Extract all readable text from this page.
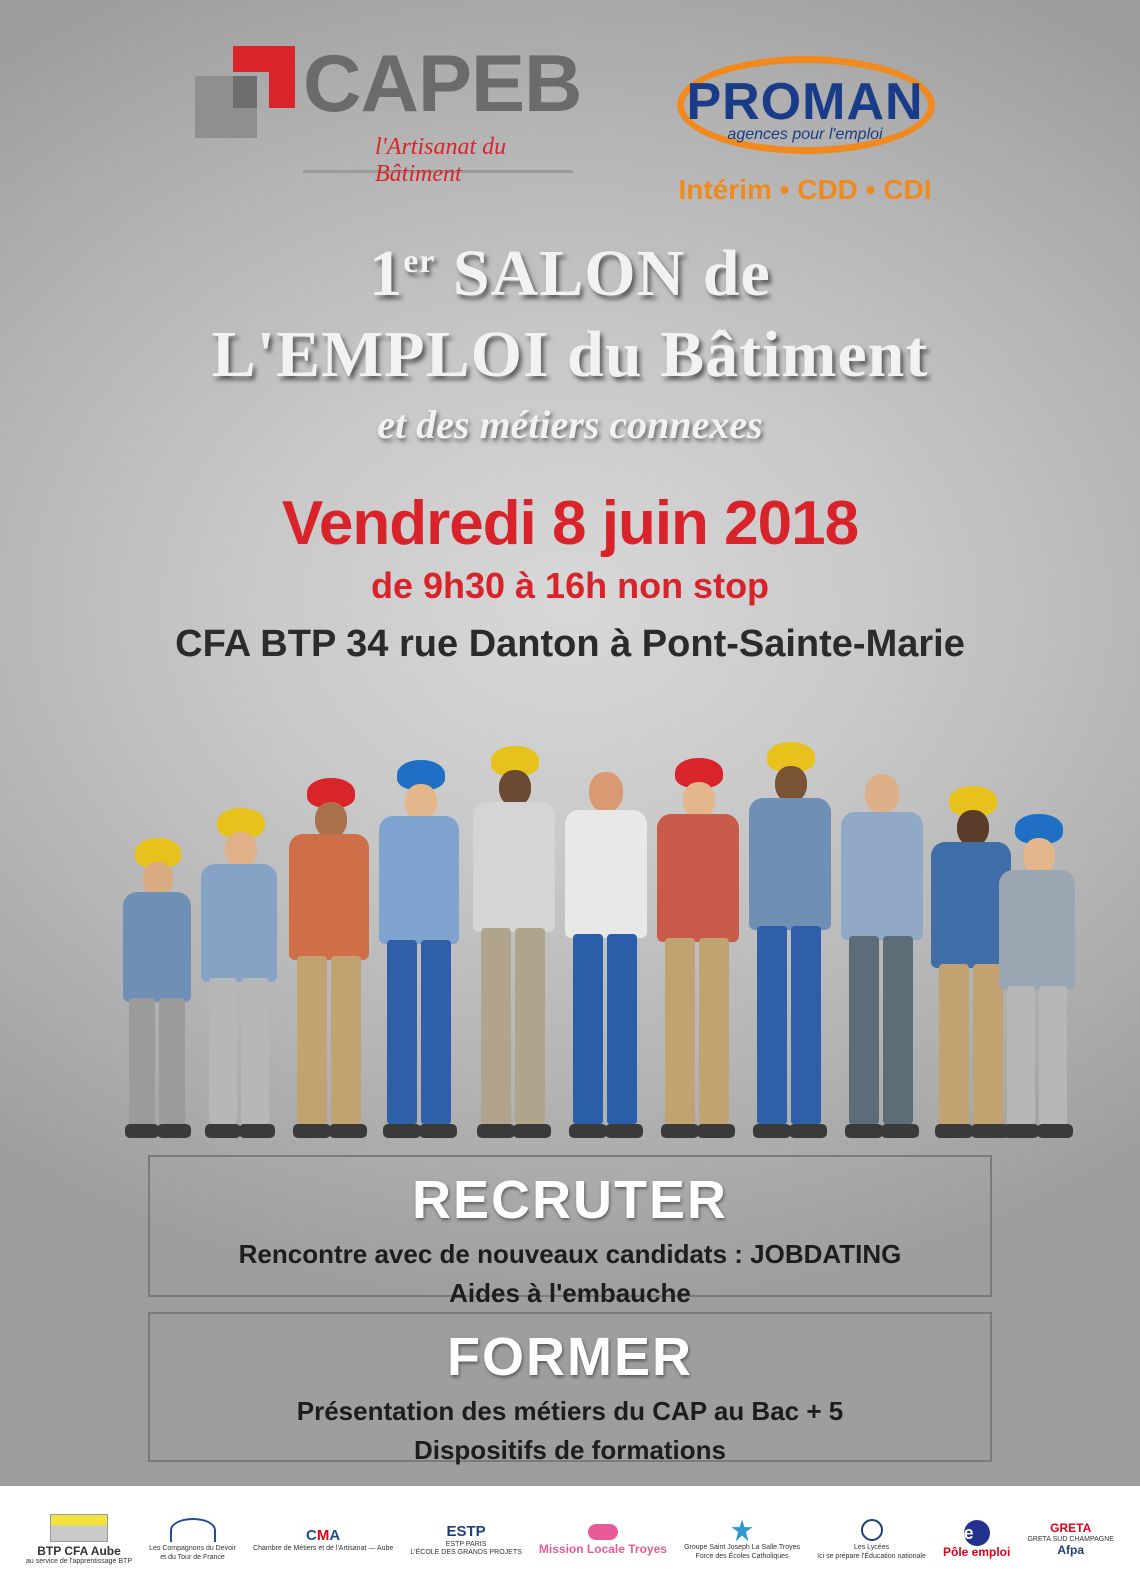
CAPEB
l'Artisanat du Bâtiment
PROMAN
agences pour l'emploi
Intérim • CDD • CDI
1er SALON de
L'EMPLOI du Bâtiment
et des métiers connexes
Vendredi 8 juin 2018
de 9h30 à 16h non stop
CFA BTP 34 rue Danton à Pont-Sainte-Marie
RECRUTER
Rencontre avec de nouveaux candidats : JOBDATING
Aides à l'embauche
FORMER
Présentation des métiers du CAP au Bac + 5
Dispositifs de formations
BTP CFA Aube
au service de l'apprentissage BTP
Les Compagnons du Devoir
et du Tour de France
CMA
Chambre de Métiers et de l'Artisanat — Aube
ESTP
ESTP PARIS
L'ÉCOLE DES GRANDS PROJETS Mission Locale Troyes Groupe Saint Joseph La Salle Troyes
Force des Écoles Catholiques
Les Lycées
Ici se prépare l'Éducation nationale
e
Pôle emploi
GRETA
GRETA SUD CHAMPAGNE
Afpa
